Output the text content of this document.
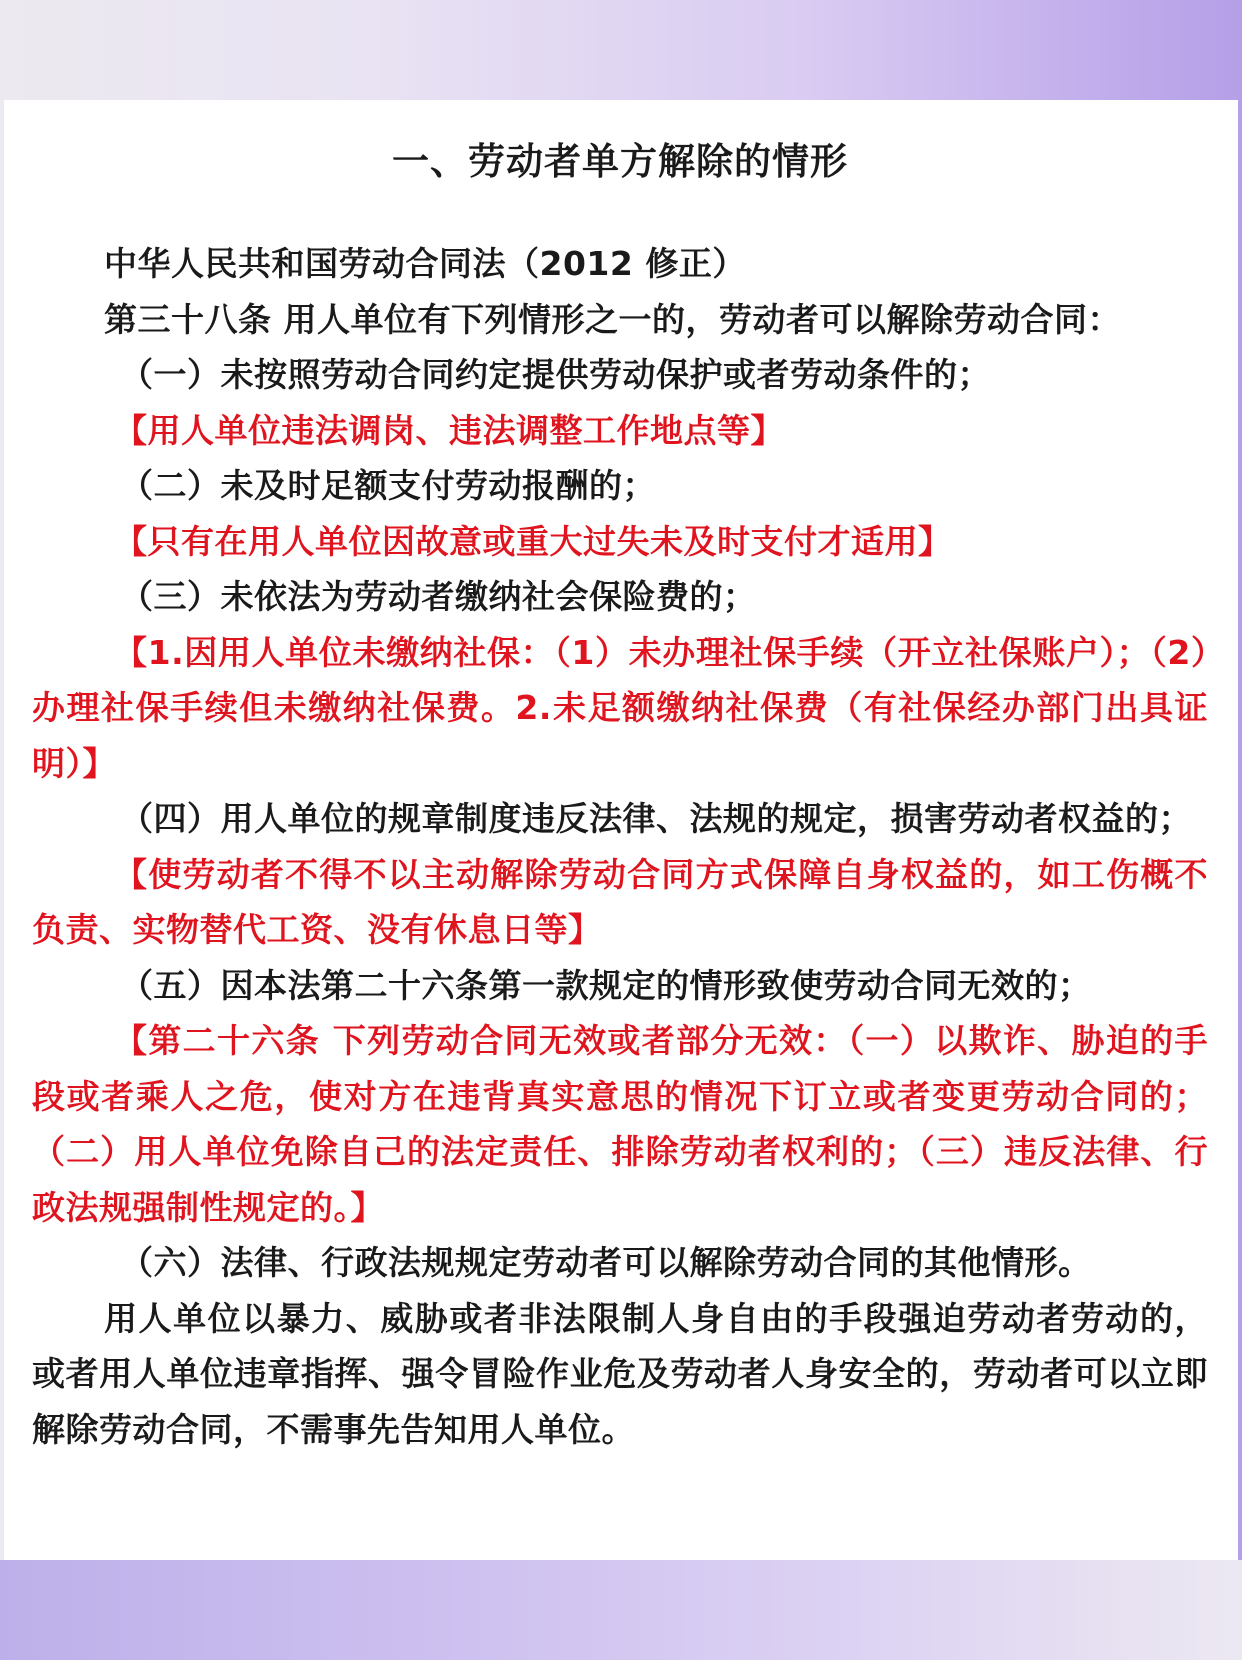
一、劳动者单方解除的情形

中华人民共和国劳动合同法（2012 修正）

第三十八条 用人单位有下列情形之一的，劳动者可以解除劳动合同：

（一）未按照劳动合同约定提供劳动保护或者劳动条件的；

【用人单位违法调岗、违法调整工作地点等】

（二）未及时足额支付劳动报酬的；

【只有在用人单位因故意或重大过失未及时支付才适用】

（三）未依法为劳动者缴纳社会保险费的；

【1.因用人单位未缴纳社保：（1）未办理社保手续（开立社保账户）；（2）办理社保手续但未缴纳社保费。2.未足额缴纳社保费（有社保经办部门出具证明）】

（四）用人单位的规章制度违反法律、法规的规定，损害劳动者权益的；

【使劳动者不得不以主动解除劳动合同方式保障自身权益的，如工伤概不负责、实物替代工资、没有休息日等】

（五）因本法第二十六条第一款规定的情形致使劳动合同无效的；

【第二十六条 下列劳动合同无效或者部分无效：（一）以欺诈、胁迫的手段或者乘人之危，使对方在违背真实意思的情况下订立或者变更劳动合同的；（二）用人单位免除自己的法定责任、排除劳动者权利的；（三）违反法律、行政法规强制性规定的。】

（六）法律、行政法规规定劳动者可以解除劳动合同的其他情形。

用人单位以暴力、威胁或者非法限制人身自由的手段强迫劳动者劳动的，或者用人单位违章指挥、强令冒险作业危及劳动者人身安全的，劳动者可以立即解除劳动合同，不需事先告知用人单位。
